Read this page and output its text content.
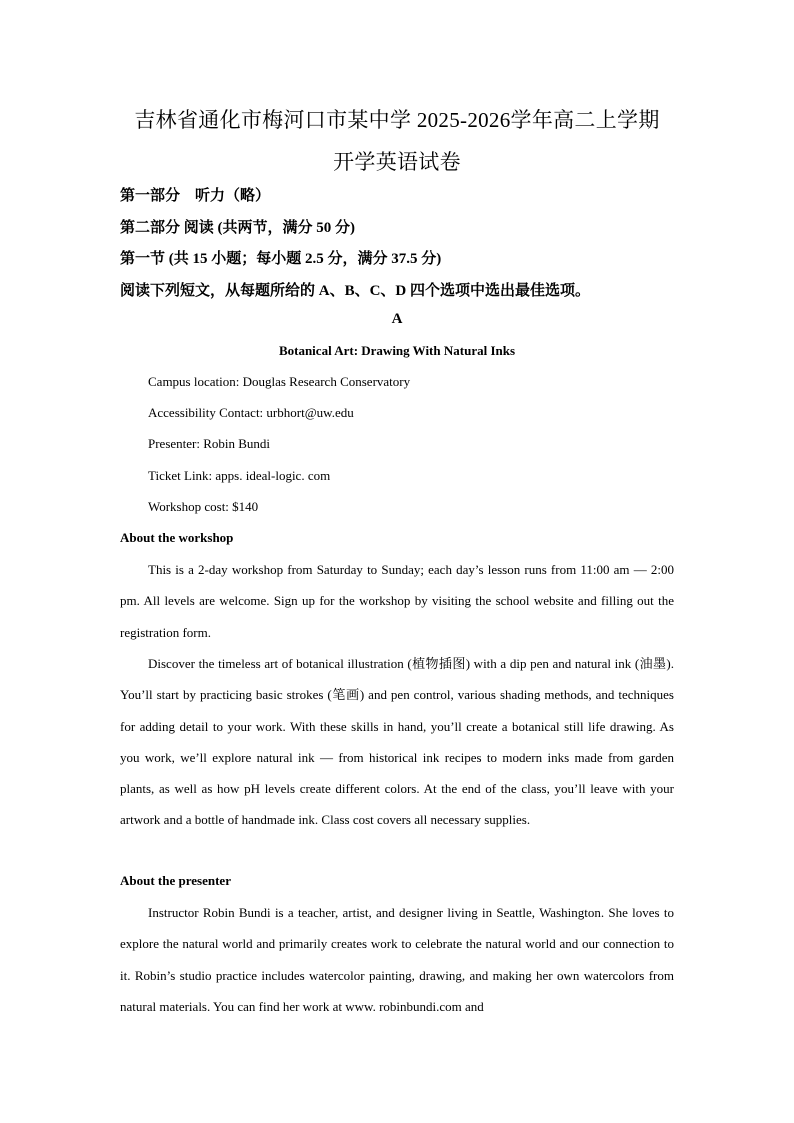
吉林省通化市梅河口市某中学 2025-2026学年高二上学期
开学英语试卷
第一部分　听力（略）
第二部分 阅读 (共两节，满分 50 分)
第一节 (共 15 小题；每小题 2.5 分，满分 37.5 分)
阅读下列短文，从每题所给的 A、B、C、D 四个选项中选出最佳选项。
A
Botanical Art: Drawing With Natural Inks
Campus location: Douglas Research Conservatory
Accessibility Contact: urbhort@uw.edu
Presenter: Robin Bundi
Ticket Link: apps. ideal-logic. com
Workshop cost: $140
About the workshop

This is a 2-day workshop from Saturday to Sunday; each day’s lesson runs from 11:00 am — 2:00 pm. All levels are welcome. Sign up for the workshop by visiting the school website and filling out the registration form.

Discover the timeless art of botanical illustration (植物插图) with a dip pen and natural ink (油墨). You’ll start by practicing basic strokes (笔画) and pen control, various shading methods, and techniques for adding detail to your work. With these skills in hand, you’ll create a botanical still life drawing. As you work, we’ll explore natural ink — from historical ink recipes to modern inks made from garden plants, as well as how pH levels create different colors. At the end of the class, you’ll leave with your artwork and a bottle of handmade ink. Class cost covers all necessary supplies.

About the presenter

Instructor Robin Bundi is a teacher, artist, and designer living in Seattle, Washington. She loves to explore the natural world and primarily creates work to celebrate the natural world and our connection to it. Robin’s studio practice includes watercolor painting, drawing, and making her own watercolors from natural materials. You can find her work at www. robinbundi.com and
